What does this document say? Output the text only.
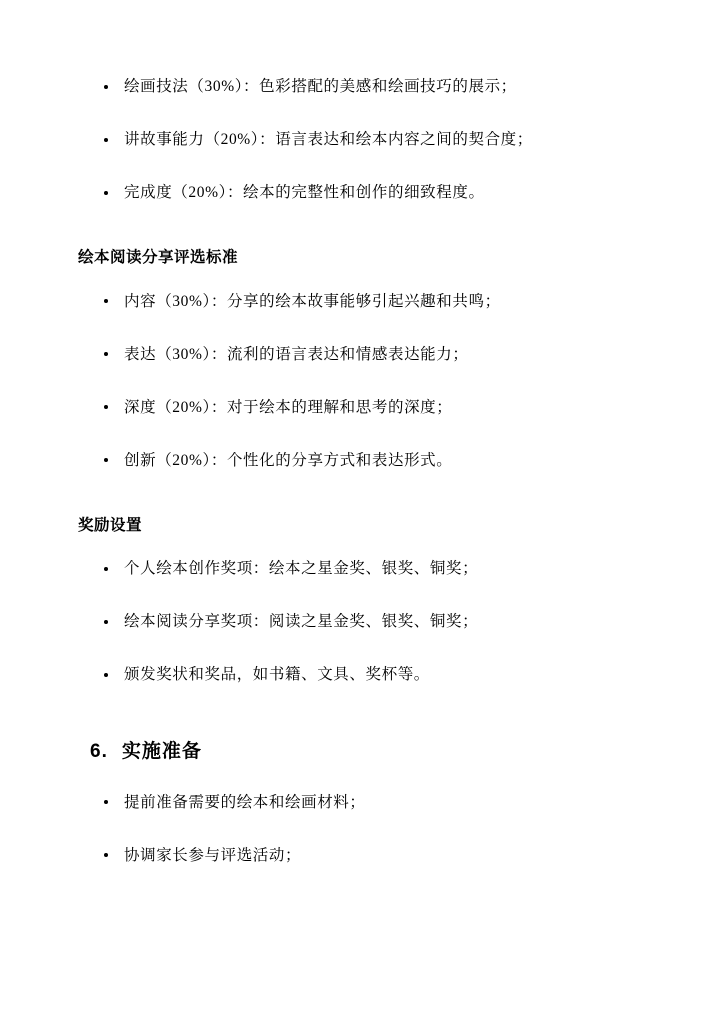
绘画技法（30%）：色彩搭配的美感和绘画技巧的展示；
讲故事能力（20%）：语言表达和绘本内容之间的契合度；
完成度（20%）：绘本的完整性和创作的细致程度。
绘本阅读分享评选标准
内容（30%）：分享的绘本故事能够引起兴趣和共鸣；
表达（30%）：流利的语言表达和情感表达能力；
深度（20%）：对于绘本的理解和思考的深度；
创新（20%）：个性化的分享方式和表达形式。
奖励设置
个人绘本创作奖项：绘本之星金奖、银奖、铜奖；
绘本阅读分享奖项：阅读之星金奖、银奖、铜奖；
颁发奖状和奖品，如书籍、文具、奖杯等。
6. 实施准备
提前准备需要的绘本和绘画材料；
协调家长参与评选活动；
